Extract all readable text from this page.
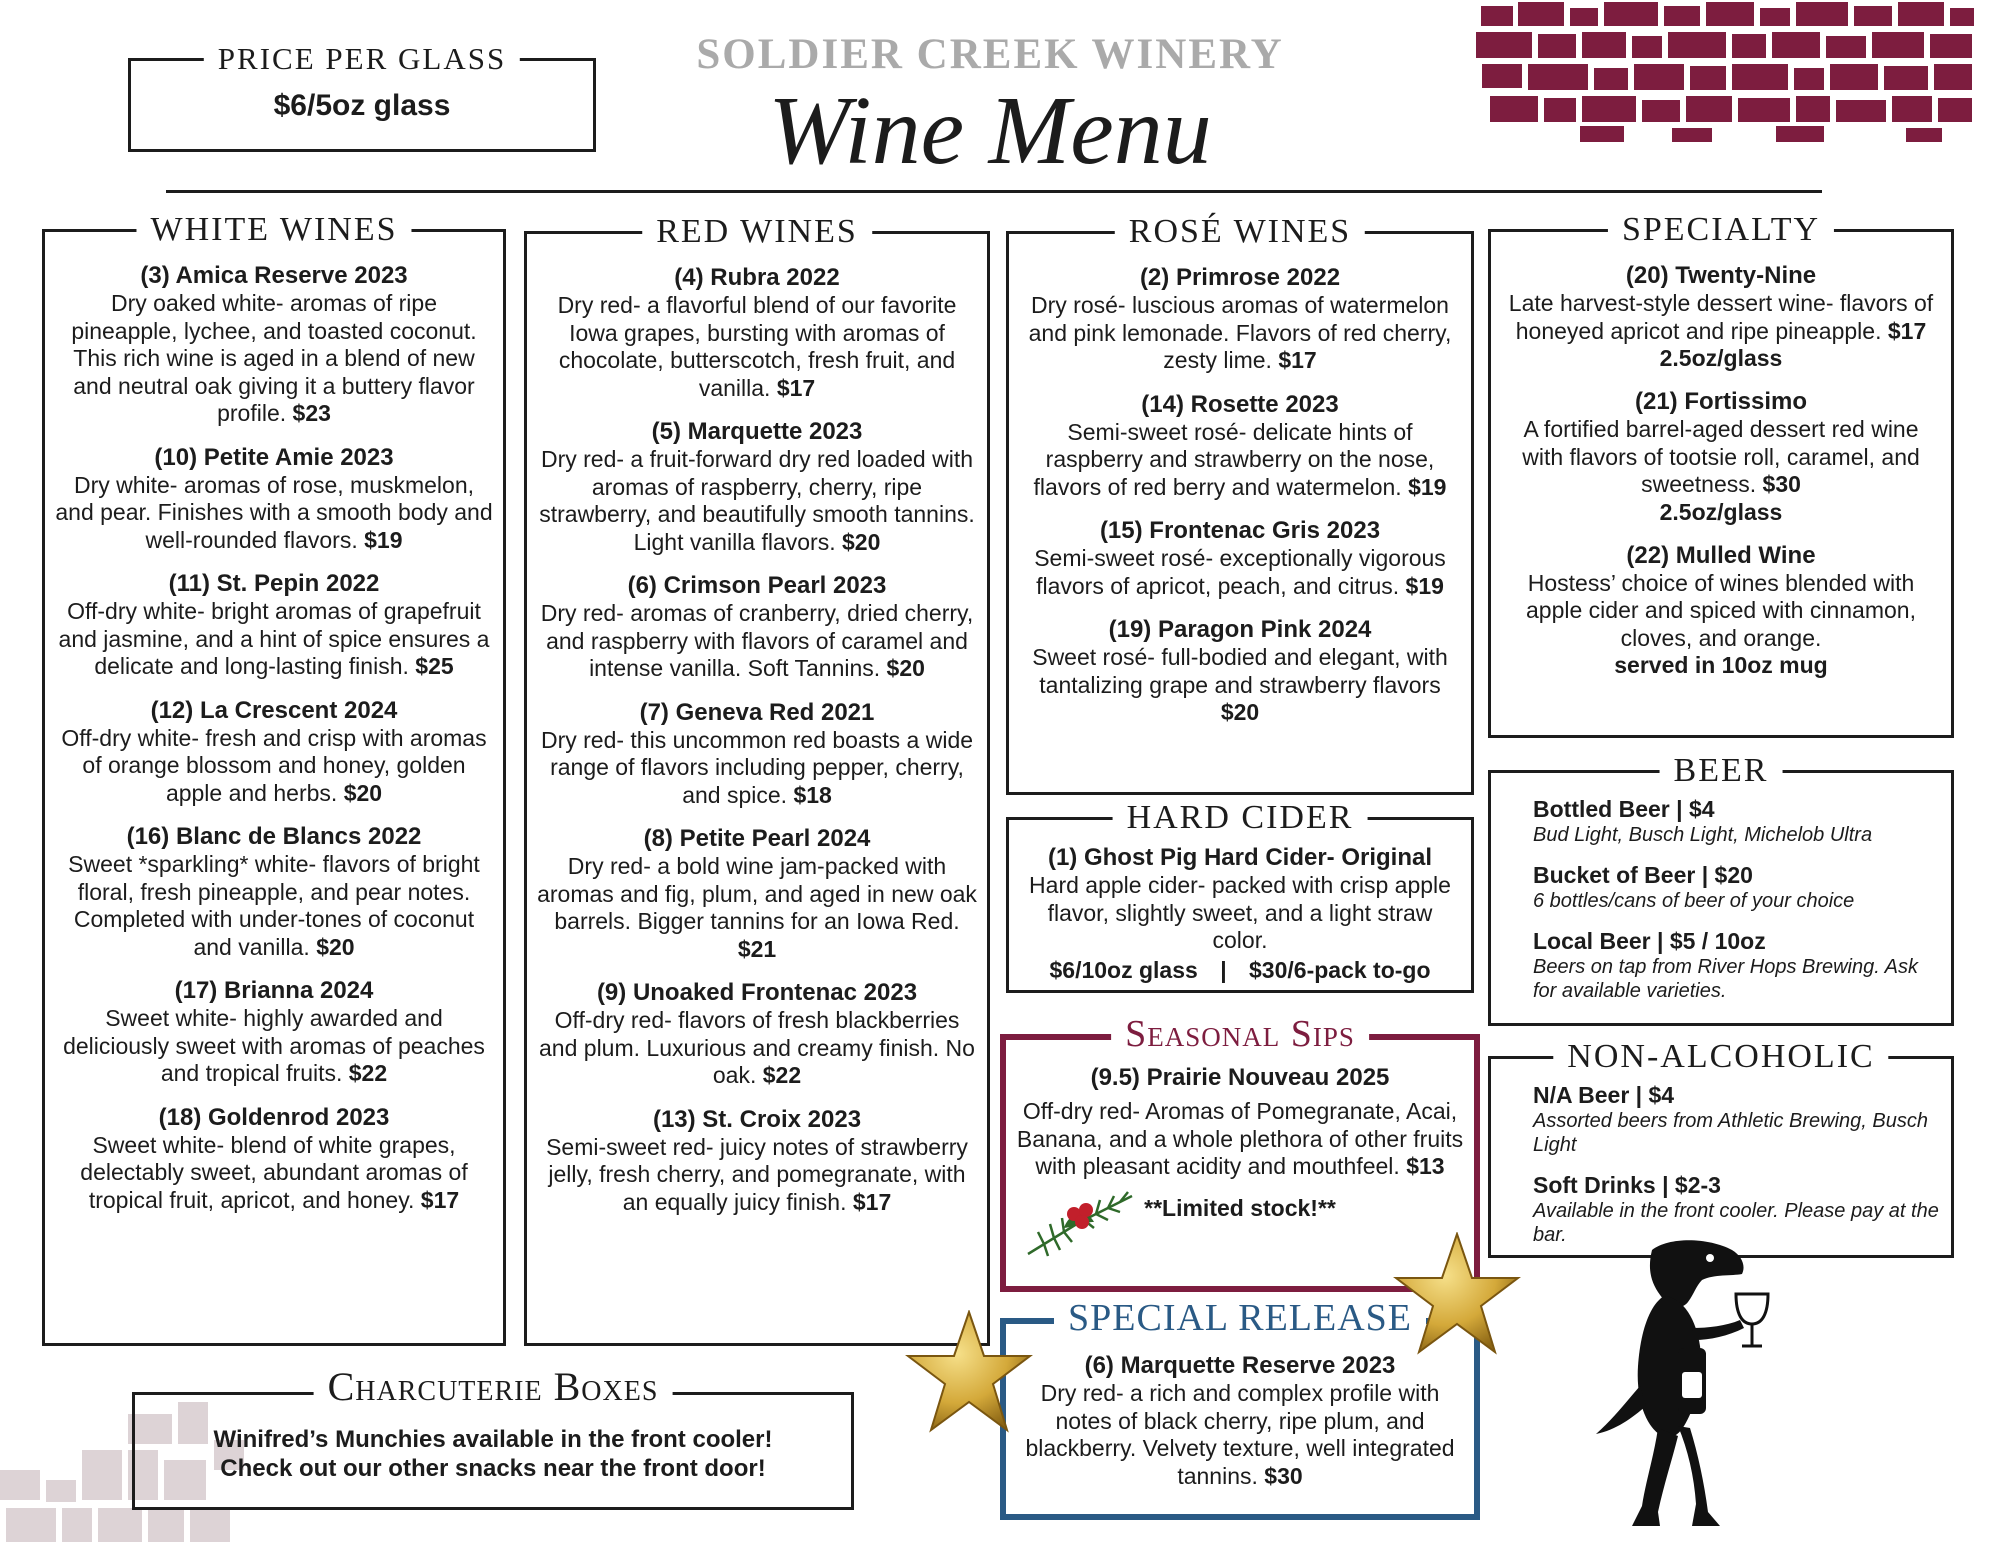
PRICE PER GLASS
$6/5oz glass
SOLDIER CREEK WINERY
Wine Menu
WHITE WINES
(3) Amica Reserve 2023
Dry oaked white- aromas of ripe pineapple, lychee, and toasted coconut. This rich wine is aged in a blend of new and neutral oak giving it a buttery flavor profile. $23
(10) Petite Amie 2023
Dry white- aromas of rose, muskmelon, and pear. Finishes with a smooth body and well-rounded flavors. $19
(11) St. Pepin 2022
Off-dry white- bright aromas of grapefruit and jasmine, and a hint of spice ensures a delicate and long-lasting finish. $25
(12) La Crescent 2024
Off-dry white- fresh and crisp with aromas of orange blossom and honey, golden apple and herbs. $20
(16) Blanc de Blancs 2022
Sweet *sparkling* white- flavors of bright floral, fresh pineapple, and pear notes. Completed with under-tones of coconut and vanilla. $20
(17) Brianna 2024
Sweet white- highly awarded and deliciously sweet with aromas of peaches and tropical fruits. $22
(18) Goldenrod 2023
Sweet white- blend of white grapes, delectably sweet, abundant aromas of tropical fruit, apricot, and honey. $17
RED WINES
(4) Rubra 2022
Dry red- a flavorful blend of our favorite Iowa grapes, bursting with aromas of chocolate, butterscotch, fresh fruit, and vanilla. $17
(5) Marquette 2023
Dry red- a fruit-forward dry red loaded with aromas of raspberry, cherry, ripe strawberry, and beautifully smooth tannins. Light vanilla flavors. $20
(6) Crimson Pearl 2023
Dry red- aromas of cranberry, dried cherry, and raspberry with flavors of caramel and intense vanilla. Soft Tannins. $20
(7) Geneva Red 2021
Dry red- this uncommon red boasts a wide range of flavors including pepper, cherry, and spice. $18
(8) Petite Pearl 2024
Dry red- a bold wine jam-packed with aromas and fig, plum, and aged in new oak barrels. Bigger tannins for an Iowa Red. $21
(9) Unoaked Frontenac 2023
Off-dry red- flavors of fresh blackberries and plum. Luxurious and creamy finish. No oak. $22
(13) St. Croix 2023
Semi-sweet red- juicy notes of strawberry jelly, fresh cherry, and pomegranate, with an equally juicy finish. $17
ROSÉ WINES
(2) Primrose 2022
Dry rosé- luscious aromas of watermelon and pink lemonade. Flavors of red cherry, zesty lime. $17
(14) Rosette 2023
Semi-sweet rosé- delicate hints of raspberry and strawberry on the nose, flavors of red berry and watermelon. $19
(15) Frontenac Gris 2023
Semi-sweet rosé- exceptionally vigorous flavors of apricot, peach, and citrus. $19
(19) Paragon Pink 2024
Sweet rosé- full-bodied and elegant, with tantalizing grape and strawberry flavors $20
SPECIALTY
(20) Twenty-Nine
Late harvest-style dessert wine- flavors of honeyed apricot and ripe pineapple. $17
2.5oz/glass
(21) Fortissimo
A fortified barrel-aged dessert red wine with flavors of tootsie roll, caramel, and sweetness. $30
2.5oz/glass
(22) Mulled Wine
Hostess’ choice of wines blended with apple cider and spiced with cinnamon, cloves, and orange.
served in 10oz mug
HARD CIDER
(1) Ghost Pig Hard Cider- Original
Hard apple cider- packed with crisp apple flavor, slightly sweet, and a light straw color.
$6/10oz glass | $30/6-pack to-go
Seasonal Sips
(9.5) Prairie Nouveau 2025
Off-dry red- Aromas of Pomegranate, Acai, Banana, and a whole plethora of other fruits with pleasant acidity and mouthfeel. $13
**Limited stock!**
SPECIAL RELEASE
(6) Marquette Reserve 2023
Dry red- a rich and complex profile with notes of black cherry, ripe plum, and blackberry. Velvety texture, well integrated tannins. $30
BEER
Bottled Beer | $4
Bud Light, Busch Light, Michelob Ultra
Bucket of Beer | $20
6 bottles/cans of beer of your choice
Local Beer | $5 / 10oz
Beers on tap from River Hops Brewing. Ask for available varieties.
NON-ALCOHOLIC
N/A Beer | $4
Assorted beers from Athletic Brewing, Busch Light
Soft Drinks | $2-3
Available in the front cooler. Please pay at the bar.
Charcuterie Boxes
Winifred’s Munchies available in the front cooler!
Check out our other snacks near the front door!
